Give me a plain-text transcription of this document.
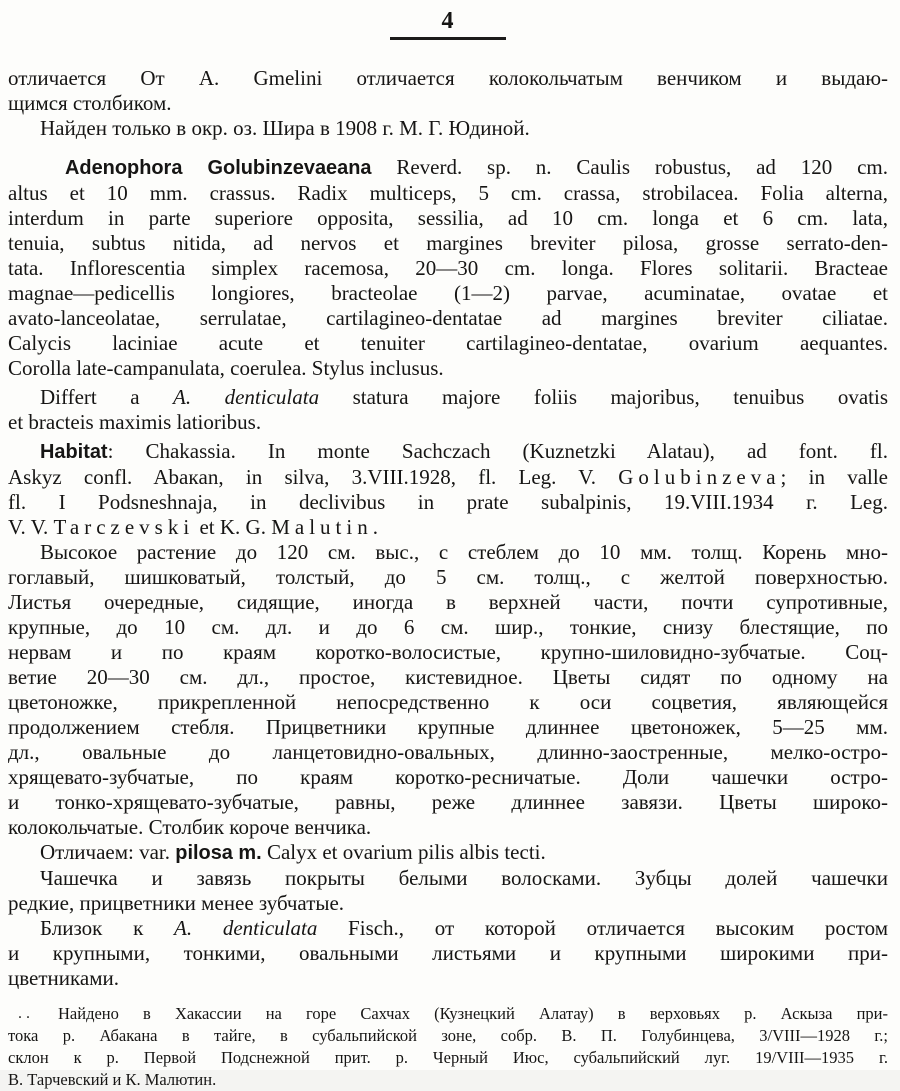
4
отличается От А. Gmelini отличается колокольчатым венчиком и выдаю-
щимся столбиком.
Найден только в окр. оз. Шира в 1908 г. М. Г. Юдиной.
Adenophora Golubinzevaeana Reverd. sp. n. Caulis robustus, ad 120 cm.
altus et 10 mm. crassus. Radix multiceps, 5 cm. crassa, strobilacea. Folia alterna,
interdum in parte superiore opposita, sessilia, ad 10 cm. longa et 6 cm. lata,
tenuia, subtus nitida, ad nervos et margines breviter pilosa, grosse serrato-den-
tata. Inflorescentia simplex racemosa, 20—30 cm. longa. Flores solitarii. Bracteae
magnae—pedicellis longiores, bracteolae (1—2) parvae, acuminatae, ovatae et
avato-lanceolatae, serrulatae, cartilagineo-dentatae ad margines breviter ciliatae.
Calycis laciniae acute et tenuiter cartilagineo-dentatae, ovarium aequantes.
Corolla late-campanulata, coerulea. Stylus inclusus.
Differt a A. denticulata statura majore foliis majoribus, tenuibus ovatis
et bracteis maximis latioribus.
Habitat: Chakassia. In monte Sachczach (Kuznetzki Alatau), ad font. fl.
Askyz confl. Abaкan, in silva, 3.VIII.1928, fl. Leg. V. Golubinzeva; in valle
fl. I Podsneshnaja, in declivibus in prate subalpinis, 19.VIII.1934 г. Leg.
V. V. Tarczevski et K. G. Malutin.
Высокое растение до 120 см. выс., с стеблем до 10 мм. толщ. Корень мно-
гоглавый, шишковатый, толстый, до 5 см. толщ., с желтой поверхностью.
Листья очередные, сидящие, иногда в верхней части, почти супротивные,
крупные, до 10 см. дл. и до 6 см. шир., тонкие, снизу блестящие, по
нервам и по краям коротко-волосистые, крупно-шиловидно-зубчатые. Соц-
ветие 20—30 см. дл., простое, кистевидное. Цветы сидят по одному на
цветоножке, прикрепленной непосредственно к оси соцветия, являющейся
продолжением стебля. Прицветники крупные длиннее цветоножек, 5—25 мм.
дл., овальные до ланцетовидно-овальных, длинно-заостренные, мелко-остро-
хрящевато-зубчатые, по краям коротко-ресничатые. Доли чашечки остро-
и тонко-хрящевато-зубчатые, равны, реже длиннее завязи. Цветы широко-
колокольчатые. Столбик короче венчика.
Отличаем: var. pilosa m. Calyx et ovarium pilis albis tecti.
Чашечка и завязь покрыты белыми волосками. Зубцы долей чашечки
редкие, прицветники менее зубчатые.
Близок к A. denticulata Fisch., от которой отличается высоким ростом
и крупными, тонкими, овальными листьями и крупными широкими при-
цветниками.
. .	Найдено в Хакассии на горе Сахчах (Кузнецкий Алатау) в верховьях р. Аскыза при-
тока р. Абакана в тайге, в субальпийской зоне, собр. В. П. Голубинцева, 3/VIII—1928 г.;
склон к р. Первой Подснежной прит. р. Черный Июс, субальпийский луг. 19/VIII—1935 г.
В. Тарчевский и К. Малютин.
